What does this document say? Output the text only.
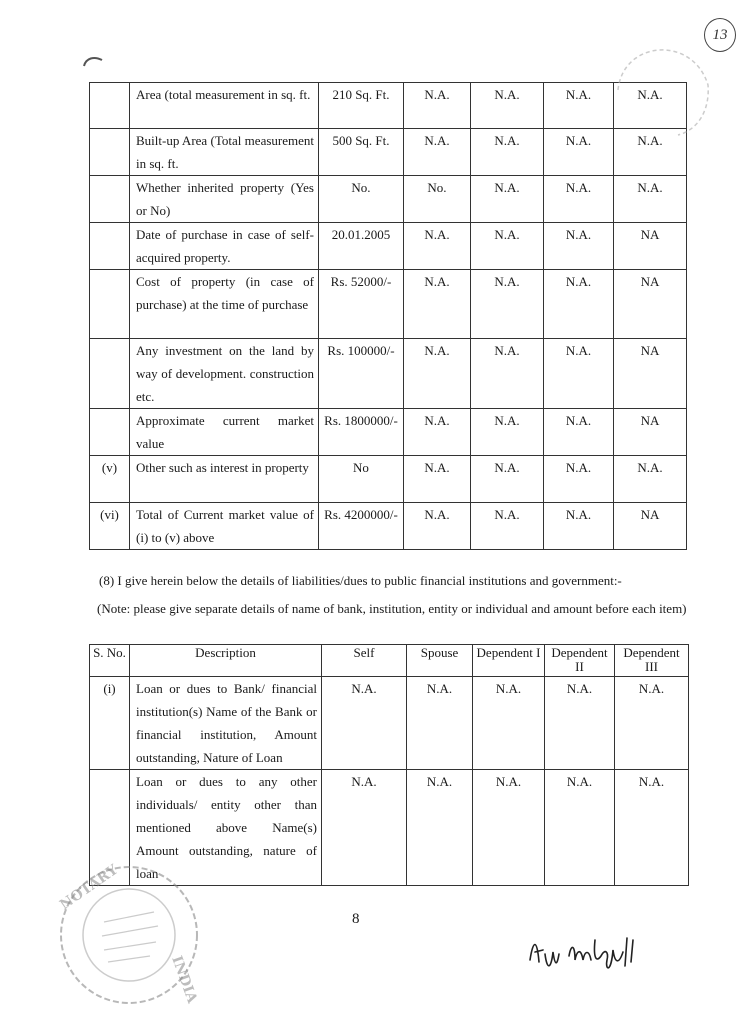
13
	Area (total measurement in sq. ft.	210 Sq. Ft.	N.A.	N.A.	N.A.	N.A.
	Built-up Area (Total measurement in sq. ft.	500 Sq. Ft.	N.A.	N.A.	N.A.	N.A.
	Whether inherited property (Yes or No)	No.	No.	N.A.	N.A.	N.A.
	Date of purchase in case of self-acquired property.	20.01.2005	N.A.	N.A.	N.A.	NA
	Cost of property (in case of purchase) at the time of purchase	Rs. 52000/-	N.A.	N.A.	N.A.	NA
	Any investment on the land by way of development. construction etc.	Rs. 100000/-	N.A.	N.A.	N.A.	NA
	Approximate current market value	Rs. 1800000/-	N.A.	N.A.	N.A.	NA
(v)	Other such as interest in property	No	N.A.	N.A.	N.A.	N.A.
(vi)	Total of Current market value of (i) to (v) above	Rs. 4200000/-	N.A.	N.A.	N.A.	NA
(8) I give herein below the details of liabilities/dues to public financial institutions and government:-
(Note: please give separate details of name of bank, institution, entity or individual and amount before each item)
S. No.	Description	Self	Spouse	Dependent I	Dependent II	Dependent III
(i)	Loan or dues to Bank/ financial institution(s) Name of the Bank or financial institution, Amount outstanding, Nature of Loan	N.A.	N.A.	N.A.	N.A.	N.A.
	Loan or dues to any other individuals/ entity other than mentioned above Name(s) Amount outstanding, nature of loan	N.A.	N.A.	N.A.	N.A.	N.A.
8
NOTARY
INDIA
